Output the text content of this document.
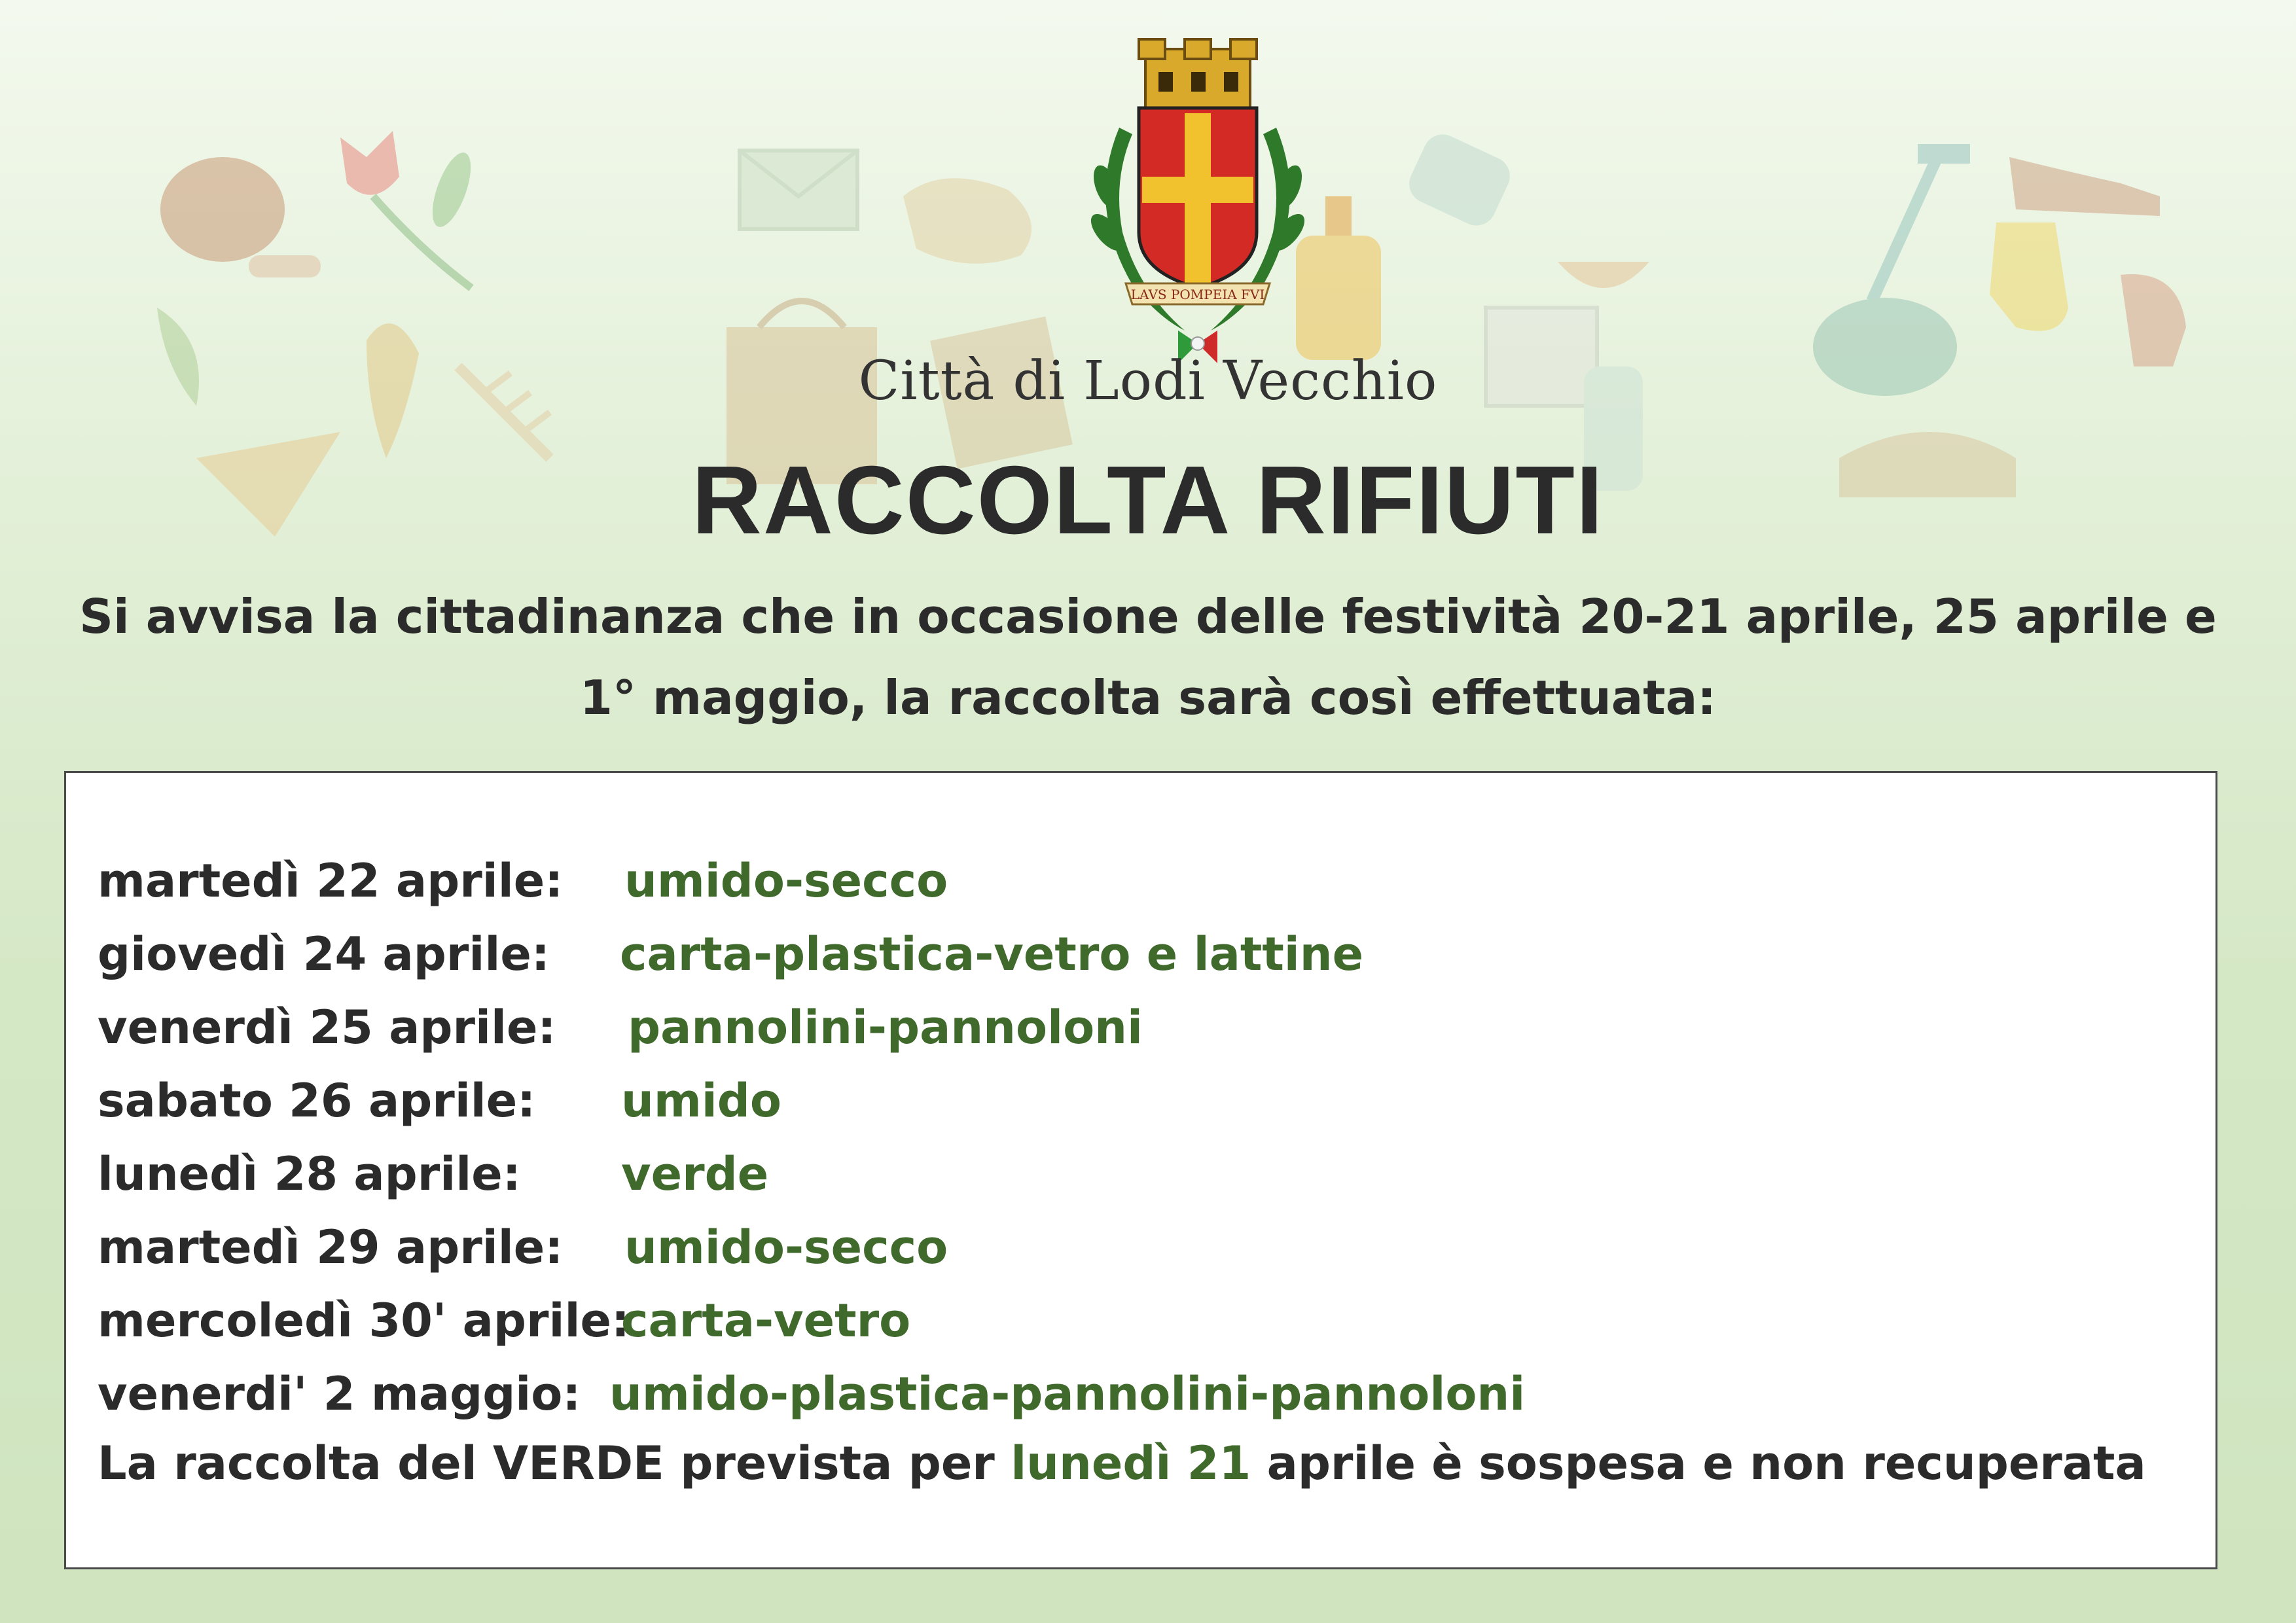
LAVS POMPEIA FVI
Città di Lodi Vecchio
RACCOLTA RIFIUTI
Si avvisa la cittadinanza che in occasione delle festività 20-21 aprile, 25 aprile e
1° maggio, la raccolta sarà così effettuata:
martedì 22 aprile: umido-secco
giovedì 24 aprile: carta-plastica-vetro e lattine
venerdì 25 aprile: pannolini-pannoloni
sabato 26 aprile: umido
lunedì 28 aprile: verde
martedì 29 aprile: umido-secco
mercoledì 30' aprile:
carta-vetro
venerdi' 2 maggio: umido-plastica-pannolini-pannoloni
La raccolta del VERDE prevista per lunedì 21 aprile è sospesa e non recuperata
